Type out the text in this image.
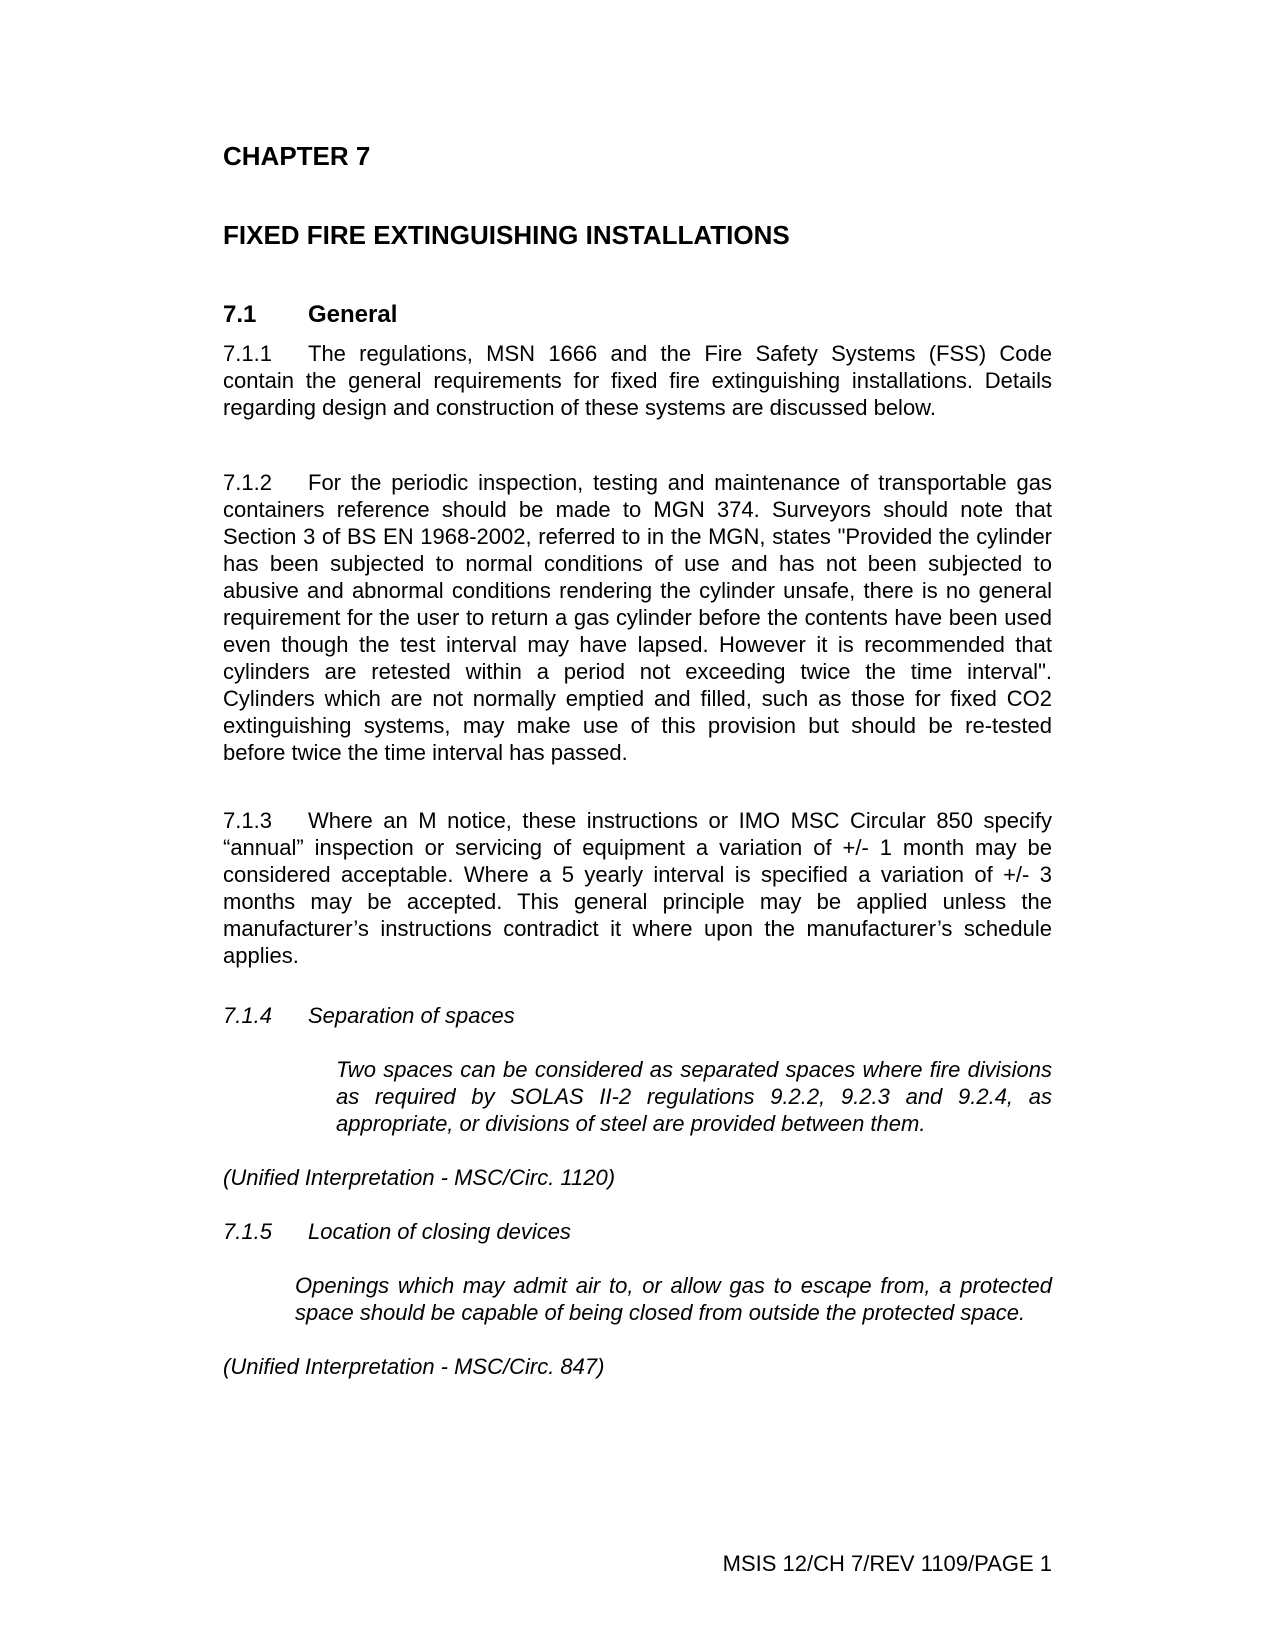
CHAPTER 7
FIXED FIRE EXTINGUISHING INSTALLATIONS
7.1 General

7.1.1 The regulations, MSN 1666 and the Fire Safety Systems (FSS) Code contain the general requirements for fixed fire extinguishing installations. Details regarding design and construction of these systems are discussed below.

7.1.2 For the periodic inspection, testing and maintenance of transportable gas containers reference should be made to MGN 374. Surveyors should note that Section 3 of BS EN 1968-2002, referred to in the MGN, states "Provided the cylinder has been subjected to normal conditions of use and has not been subjected to abusive and abnormal conditions rendering the cylinder unsafe, there is no general requirement for the user to return a gas cylinder before the contents have been used even though the test interval may have lapsed. However it is recommended that cylinders are retested within a period not exceeding twice the time interval". Cylinders which are not normally emptied and filled, such as those for fixed CO2 extinguishing systems, may make use of this provision but should be re-tested before twice the time interval has passed.

7.1.3 Where an M notice, these instructions or IMO MSC Circular 850 specify “annual” inspection or servicing of equipment a variation of +/- 1 month may be considered acceptable. Where a 5 yearly interval is specified a variation of +/- 3 months may be accepted. This general principle may be applied unless the manufacturer’s instructions contradict it where upon the manufacturer’s schedule applies.

7.1.4 Separation of spaces

Two spaces can be considered as separated spaces where fire divisions as required by SOLAS II-2 regulations 9.2.2, 9.2.3 and 9.2.4, as appropriate, or divisions of steel are provided between them.

(Unified Interpretation - MSC/Circ. 1120)

7.1.5 Location of closing devices

Openings which may admit air to, or allow gas to escape from, a protected space should be capable of being closed from outside the protected space.

(Unified Interpretation - MSC/Circ. 847)

MSIS 12/CH 7/REV 1109/PAGE 1
